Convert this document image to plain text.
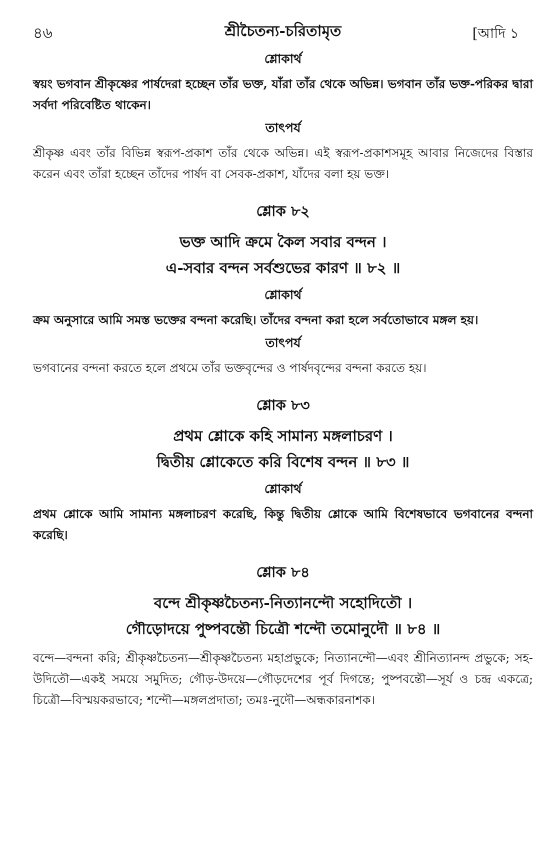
৪৬	শ্রীচৈতন্য-চরিতামৃত	[আদি ১
শ্লোকার্থ
স্বয়ং ভগবান শ্রীকৃষ্ণের পার্ষদেরা হচ্ছেন তাঁর ভক্ত, যাঁরা তাঁর থেকে অভিন্ন। ভগবান তাঁর ভক্ত-পরিকর দ্বারা সর্বদা পরিবেষ্টিত থাকেন।
তাৎপর্য
শ্রীকৃষ্ণ এবং তাঁর বিভিন্ন স্বরূপ-প্রকাশ তাঁর থেকে অভিন্ন। এই স্বরূপ-প্রকাশসমূহ আবার নিজেদের বিস্তার করেন এবং তাঁরা হচ্ছেন তাঁদের পার্ষদ বা সেবক-প্রকাশ, যাঁদের বলা হয় ভক্ত।
শ্লোক ৮২
ভক্ত আদি ক্রমে কৈল সবার বন্দন ।
এ-সবার বন্দন সর্বশুভের কারণ ॥ ৮২ ॥
শ্লোকার্থ
ক্রম অনুসারে আমি সমস্ত ভক্তের বন্দনা করেছি। তাঁদের বন্দনা করা হলে সর্বতোভাবে মঙ্গল হয়।
তাৎপর্য
ভগবানের বন্দনা করতে হলে প্রথমে তাঁর ভক্তবৃন্দের ও পার্ষদবৃন্দের বন্দনা করতে হয়।
শ্লোক ৮৩
প্রথম শ্লোকে কহি সামান্য মঙ্গলাচরণ ।
দ্বিতীয় শ্লোকেতে করি বিশেষ বন্দন ॥ ৮৩ ॥
শ্লোকার্থ
প্রথম শ্লোকে আমি সামান্য মঙ্গলাচরণ করেছি, কিন্তু দ্বিতীয় শ্লোকে আমি বিশেষভাবে ভগবানের বন্দনা করেছি।
শ্লোক ৮৪
বন্দে শ্রীকৃষ্ণচৈতন্য-নিত্যানন্দৌ সহোদিতৌ ।
গৌড়োদয়ে পুষ্পবন্তৌ চিত্রৌ শন্দৌ তমোনুদৌ ॥ ৮৪ ॥
বন্দে—বন্দনা করি; শ্রীকৃষ্ণচৈতন্য—শ্রীকৃষ্ণচৈতন্য মহাপ্রভুকে; নিত্যানন্দৌ—এবং শ্রীনিত্যানন্দ প্রভুকে; সহ-উদিতৌ—একই সময়ে সমুদিত; গৌড়-উদয়ে—গৌড়দেশের পূর্ব দিগন্তে; পুষ্পবন্তৌ—সূর্য ও চন্দ্র একত্রে; চিত্রৌ—বিস্ময়করভাবে; শন্দৌ—মঙ্গলপ্রদাতা; তমঃ-নুদৌ—অন্ধকারনাশক।
